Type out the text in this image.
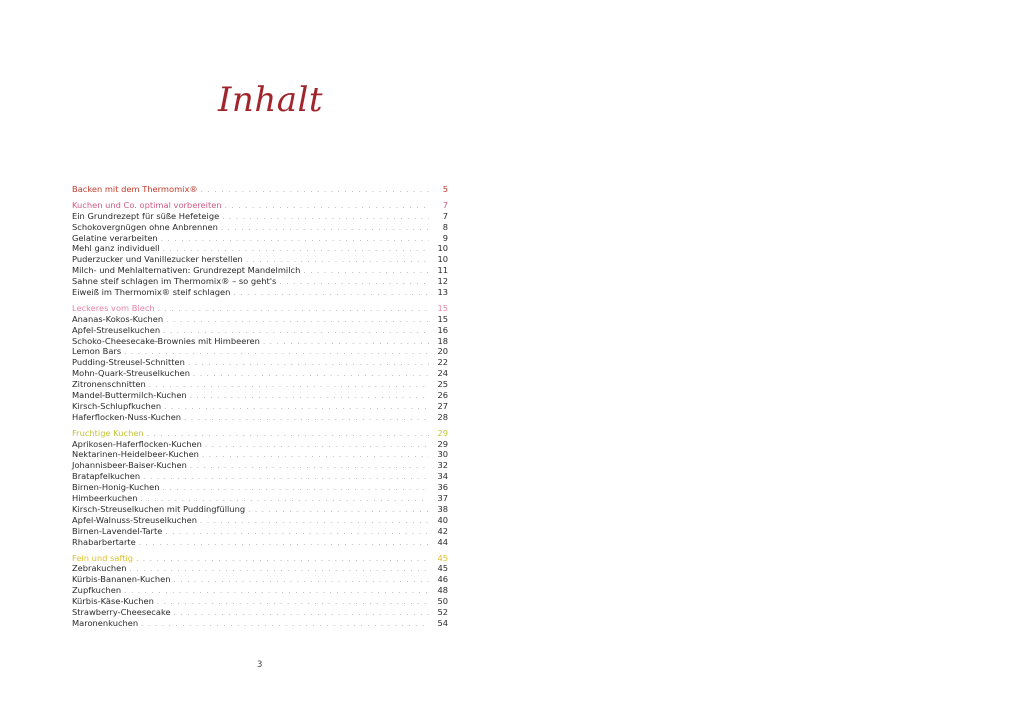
Inhalt
Backen mit dem Thermomix® . . .	5
Kuchen und Co. optimal vorbereiten . . .	7
Ein Grundrezept für süße Hefeteige . . .	7
Schokovergnügen ohne Anbrennen . . .	8
Gelatine verarbeiten . . .	9
Mehl ganz individuell . . .	10
Puderzucker und Vanillezucker herstellen . . .	10
Milch- und Mehlalternativen: Grundrezept Mandelmilch . . .	11
Sahne steif schlagen im Thermomix® – so geht's . . .	12
Eiweiß im Thermomix® steif schlagen . . .	13
Leckeres vom Blech . . .	15
Ananas-Kokos-Kuchen . . .	15
Apfel-Streuselkuchen . . .	16
Schoko-Cheesecake-Brownies mit Himbeeren . . .	18
Lemon Bars . . .	20
Pudding-Streusel-Schnitten . . .	22
Mohn-Quark-Streuselkuchen . . .	24
Zitronenschnitten . . .	25
Mandel-Buttermilch-Kuchen . . .	26
Kirsch-Schlupfkuchen . . .	27
Haferflocken-Nuss-Kuchen . . .	28
Fruchtige Kuchen . . .	29
Aprikosen-Haferflocken-Kuchen . . .	29
Nektarinen-Heidelbeer-Kuchen . . .	30
Johannisbeer-Baiser-Kuchen . . .	32
Bratapfelkuchen . . .	34
Birnen-Honig-Kuchen . . .	36
Himbeerkuchen . . .	37
Kirsch-Streuselkuchen mit Puddingfüllung . . .	38
Apfel-Walnuss-Streuselkuchen . . .	40
Birnen-Lavendel-Tarte . . .	42
Rhabarbertarte . . .	44
Fein und saftig . . .	45
Zebrakuchen . . .	45
Kürbis-Bananen-Kuchen . . .	46
Zupfkuchen . . .	48
Kürbis-Käse-Kuchen . . .	50
Strawberry-Cheesecake . . .	52
Maronenkuchen . . .	54
3
